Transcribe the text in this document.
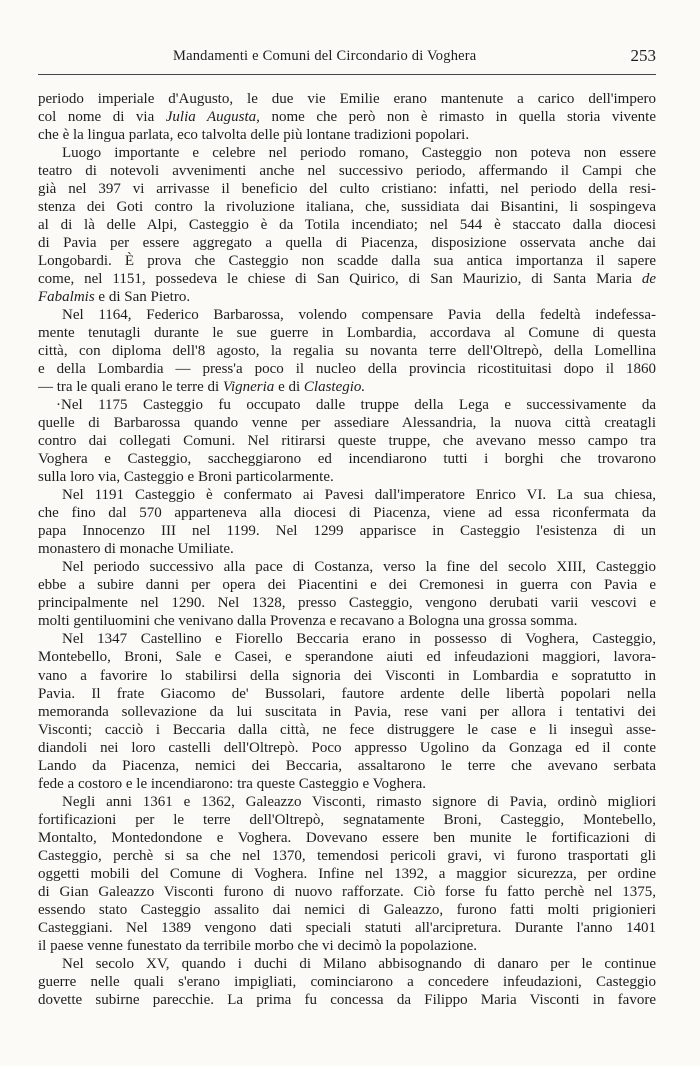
Mandamenti e Comuni del Circondario di Voghera	253
periodo imperiale d'Augusto, le due vie Emilie erano mantenute a carico dell'impero
col nome di via Julia Augusta, nome che però non è rimasto in quella storia vivente
che è la lingua parlata, eco talvolta delle più lontane tradizioni popolari.
Luogo importante e celebre nel periodo romano, Casteggio non poteva non essere
teatro di notevoli avvenimenti anche nel successivo periodo, affermando il Campi che
già nel 397 vi arrivasse il beneficio del culto cristiano: infatti, nel periodo della resi-
stenza dei Goti contro la rivoluzione italiana, che, sussidiata dai Bisantini, li sospingeva
al di là delle Alpi, Casteggio è da Totila incendiato; nel 544 è staccato dalla diocesi
di Pavia per essere aggregato a quella di Piacenza, disposizione osservata anche dai
Longobardi. È prova che Casteggio non scadde dalla sua antica importanza il sapere
come, nel 1151, possedeva le chiese di San Quirico, di San Maurizio, di Santa Maria de
Fabalmis e di San Pietro.
Nel 1164, Federico Barbarossa, volendo compensare Pavia della fedeltà indefessa-
mente tenutagli durante le sue guerre in Lombardia, accordava al Comune di questa
città, con diploma dell'8 agosto, la regalia su novanta terre dell'Oltrepò, della Lomellina
e della Lombardia — press'a poco il nucleo della provincia ricostituitasi dopo il 1860
— tra le quali erano le terre di Vigneria e di Clastegio.
·Nel 1175 Casteggio fu occupato dalle truppe della Lega e successivamente da
quelle di Barbarossa quando venne per assediare Alessandria, la nuova città creatagli
contro dai collegati Comuni. Nel ritirarsi queste truppe, che avevano messo campo tra
Voghera e Casteggio, saccheggiarono ed incendiarono tutti i borghi che trovarono
sulla loro via, Casteggio e Broni particolarmente.
Nel 1191 Casteggio è confermato ai Pavesi dall'imperatore Enrico VI. La sua chiesa,
che fino dal 570 apparteneva alla diocesi di Piacenza, viene ad essa riconfermata da
papa Innocenzo III nel 1199. Nel 1299 apparisce in Casteggio l'esistenza di un
monastero di monache Umiliate.
Nel periodo successivo alla pace di Costanza, verso la fine del secolo XIII, Casteggio
ebbe a subire danni per opera dei Piacentini e dei Cremonesi in guerra con Pavia e
principalmente nel 1290. Nel 1328, presso Casteggio, vengono derubati varii vescovi e
molti gentiluomini che venivano dalla Provenza e recavano a Bologna una grossa somma.
Nel 1347 Castellino e Fiorello Beccaria erano in possesso di Voghera, Casteggio,
Montebello, Broni, Sale e Casei, e sperandone aiuti ed infeudazioni maggiori, lavora-
vano a favorire lo stabilirsi della signoria dei Visconti in Lombardia e sopratutto in
Pavia. Il frate Giacomo de' Bussolari, fautore ardente delle libertà popolari nella
memoranda sollevazione da lui suscitata in Pavia, rese vani per allora i tentativi dei
Visconti; cacciò i Beccaria dalla città, ne fece distruggere le case e li inseguì asse-
diandoli nei loro castelli dell'Oltrepò. Poco appresso Ugolino da Gonzaga ed il conte
Lando da Piacenza, nemici dei Beccaria, assaltarono le terre che avevano serbata
fede a costoro e le incendiarono: tra queste Casteggio e Voghera.
Negli anni 1361 e 1362, Galeazzo Visconti, rimasto signore di Pavia, ordinò migliori
fortificazioni per le terre dell'Oltrepò, segnatamente Broni, Casteggio, Montebello,
Montalto, Montedondone e Voghera. Dovevano essere ben munite le fortificazioni di
Casteggio, perchè si sa che nel 1370, temendosi pericoli gravi, vi furono trasportati gli
oggetti mobili del Comune di Voghera. Infine nel 1392, a maggior sicurezza, per ordine
di Gian Galeazzo Visconti furono di nuovo rafforzate. Ciò forse fu fatto perchè nel 1375,
essendo stato Casteggio assalito dai nemici di Galeazzo, furono fatti molti prigionieri
Casteggiani. Nel 1389 vengono dati speciali statuti all'arcipretura. Durante l'anno 1401
il paese venne funestato da terribile morbo che vi decimò la popolazione.
Nel secolo XV, quando i duchi di Milano abbisognando di danaro per le continue
guerre nelle quali s'erano impigliati, cominciarono a concedere infeudazioni, Casteggio
dovette subirne parecchie. La prima fu concessa da Filippo Maria Visconti in favore
